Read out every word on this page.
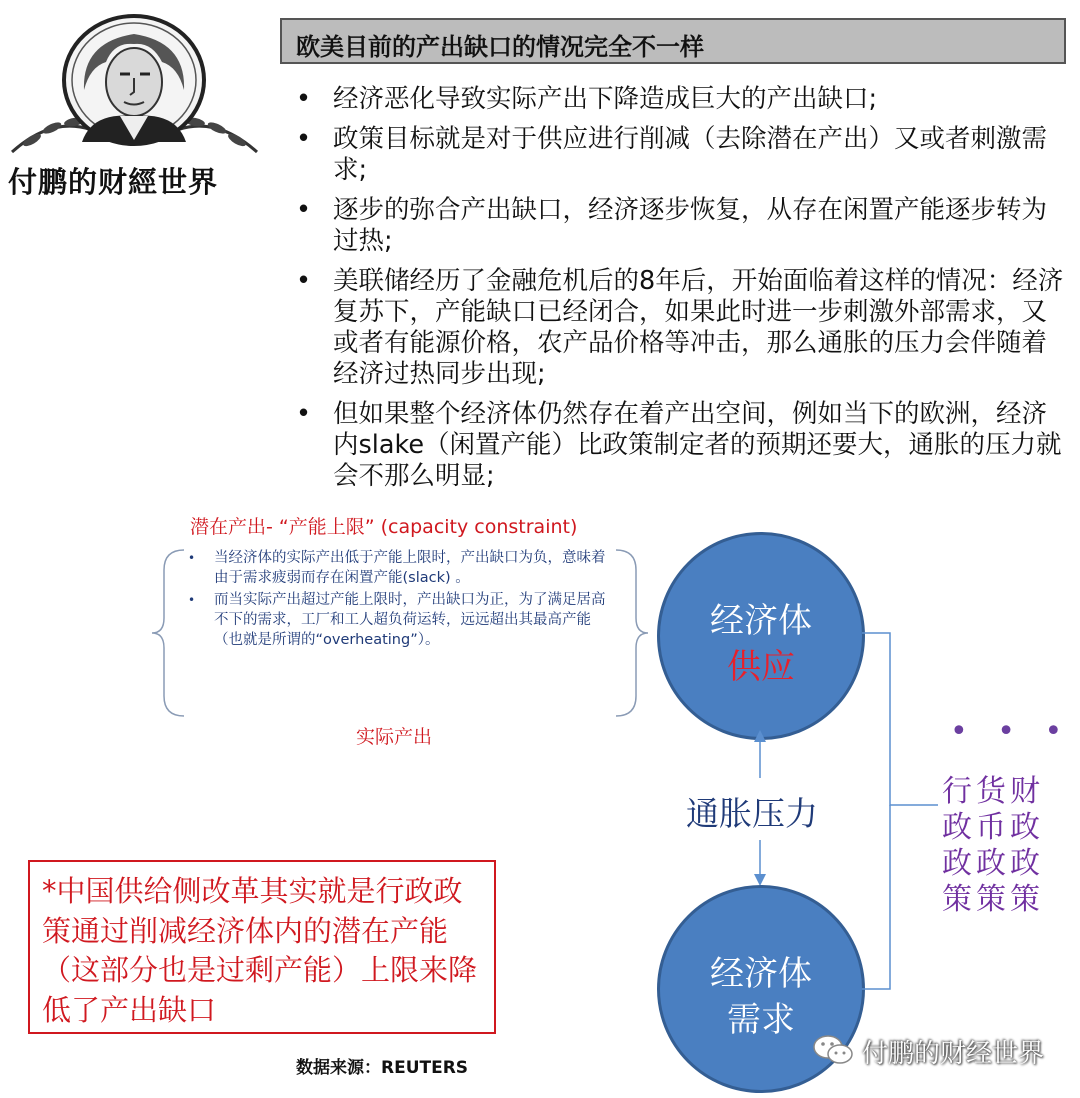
付鹏的财經世界
欧美目前的产出缺口的情况完全不一样
• 经济恶化导致实际产出下降造成巨大的产出缺口;
• 政策目标就是对于供应进行削减（去除潜在产出）又或者刺激需求;
• 逐步的弥合产出缺口，经济逐步恢复，从存在闲置产能逐步转为过热;
• 美联储经历了金融危机后的8年后，开始面临着这样的情况：经济复苏下，产能缺口已经闭合，如果此时进一步刺激外部需求，又或者有能源价格，农产品价格等冲击，那么通胀的压力会伴随着经济过热同步出现;
• 但如果整个经济体仍然存在着产出空间，例如当下的欧洲，经济内slake（闲置产能）比政策制定者的预期还要大，通胀的压力就会不那么明显;
潜在产出- “产能上限” (capacity constraint)
• 当经济体的实际产出低于产能上限时，产出缺口为负，意味着由于需求疲弱而存在闲置产能(slack) 。
• 而当实际产出超过产能上限时，产出缺口为正，为了满足居高不下的需求，工厂和工人超负荷运转，远远超出其最高产能（也就是所谓的“overheating”）。
实际产出
经济体
供应
通胀压力
经济体
需求
• • •
行政政策
货币政策
财政政策
*中国供给侧改革其实就是行政政策通过削减经济体内的潜在产能（这部分也是过剩产能）上限来降低了产出缺口
数据来源：REUTERS	付鹏的财经世界
